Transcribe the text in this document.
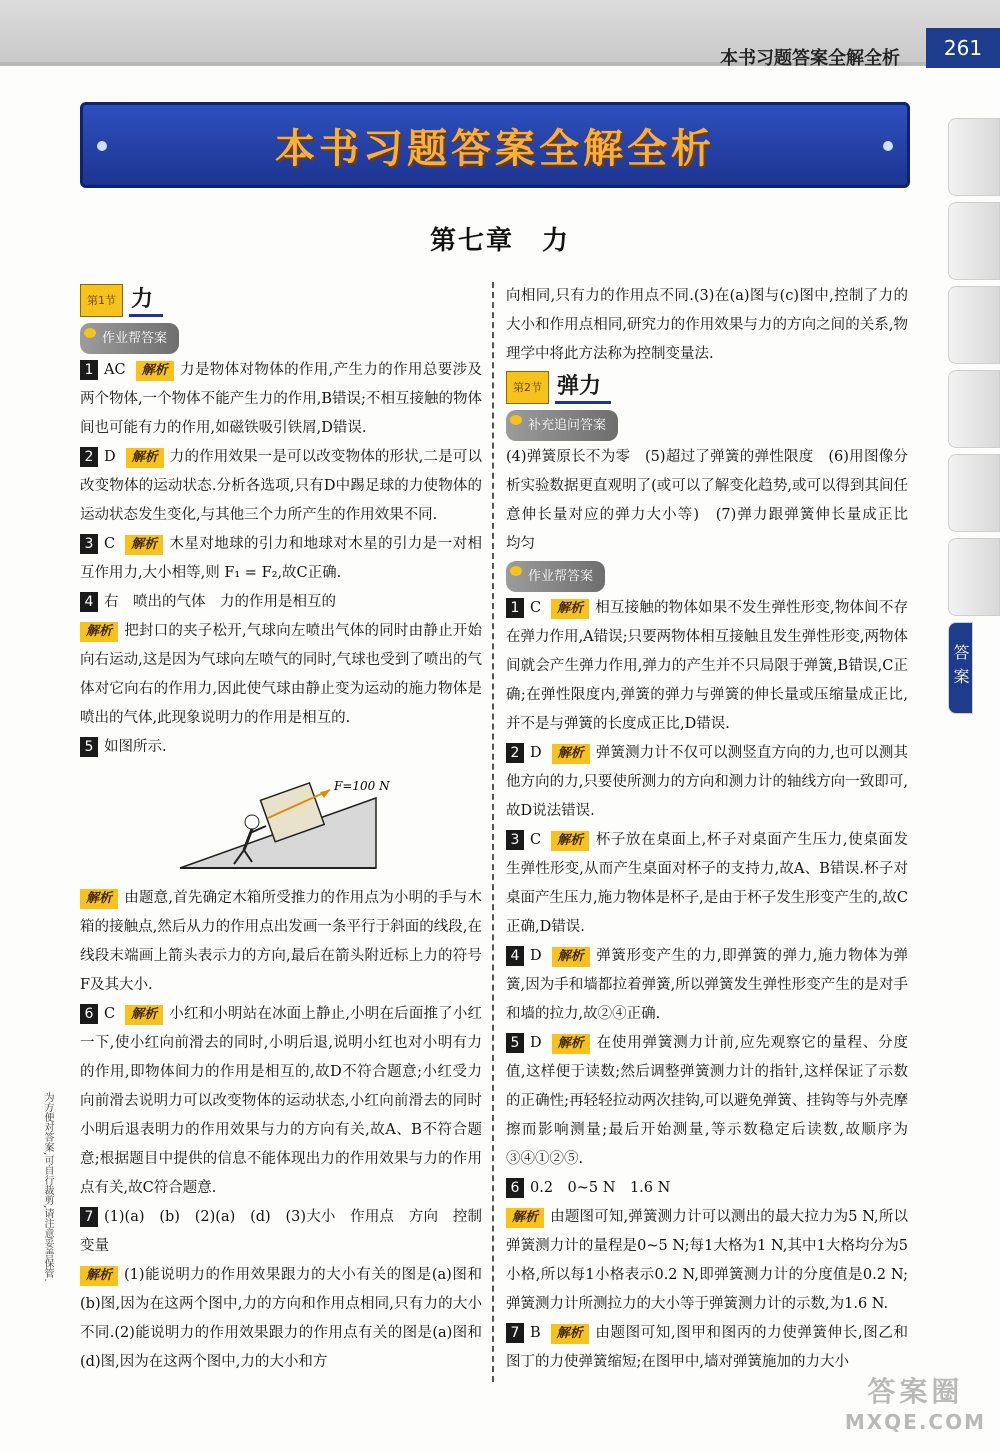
本书习题答案全解全析	261
答案
本书习题答案全解全析
第七章　力
第1节 力
作业帮答案

1 AC 解析 力是物体对物体的作用,产生力的作用总要涉及两个物体,一个物体不能产生力的作用,B错误;不相互接触的物体间也可能有力的作用,如磁铁吸引铁屑,D错误.

2 D 解析 力的作用效果一是可以改变物体的形状,二是可以改变物体的运动状态.分析各选项,只有D中踢足球的力使物体的运动状态发生变化,与其他三个力所产生的作用效果不同.

3 C 解析 木星对地球的引力和地球对木星的引力是一对相互作用力,大小相等,则 F₁ = F₂,故C正确.

4 右　喷出的气体　力的作用是相互的

解析 把封口的夹子松开,气球向左喷出气体的同时由静止开始向右运动,这是因为气球向左喷气的同时,气球也受到了喷出的气体对它向右的作用力,因此使气球由静止变为运动的施力物体是喷出的气体,此现象说明力的作用是相互的.

5 如图所示.

F=100 N

解析 由题意,首先确定木箱所受推力的作用点为小明的手与木箱的接触点,然后从力的作用点出发画一条平行于斜面的线段,在线段末端画上箭头表示力的方向,最后在箭头附近标上力的符号F及其大小.

6 C 解析 小红和小明站在冰面上静止,小明在后面推了小红一下,使小红向前滑去的同时,小明后退,说明小红也对小明有力的作用,即物体间力的作用是相互的,故D不符合题意;小红受力向前滑去说明力可以改变物体的运动状态,小红向前滑去的同时小明后退表明力的作用效果与力的方向有关,故A、B不符合题意;根据题目中提供的信息不能体现出力的作用效果与力的作用点有关,故C符合题意.

7 (1)(a)　(b)　(2)(a)　(d)　(3)大小　作用点　方向　控制变量

解析 (1)能说明力的作用效果跟力的大小有关的图是(a)图和(b)图,因为在这两个图中,力的方向和作用点相同,只有力的大小不同.(2)能说明力的作用效果跟力的作用点有关的图是(a)图和(d)图,因为在这两个图中,力的大小和方

向相同,只有力的作用点不同.(3)在(a)图与(c)图中,控制了力的大小和作用点相同,研究力的作用效果与力的方向之间的关系,物理学中将此方法称为控制变量法.

第2节 弹力
补充追问答案

(4)弹簧原长不为零　(5)超过了弹簧的弹性限度　(6)用图像分析实验数据更直观明了(或可以了解变化趋势,或可以得到其间任意伸长量对应的弹力大小等)　(7)弹力跟弹簧伸长量成正比　均匀

作业帮答案

1 C 解析 相互接触的物体如果不发生弹性形变,物体间不存在弹力作用,A错误;只要两物体相互接触且发生弹性形变,两物体间就会产生弹力作用,弹力的产生并不只局限于弹簧,B错误,C正确;在弹性限度内,弹簧的弹力与弹簧的伸长量或压缩量成正比,并不是与弹簧的长度成正比,D错误.

2 D 解析 弹簧测力计不仅可以测竖直方向的力,也可以测其他方向的力,只要使所测力的方向和测力计的轴线方向一致即可,故D说法错误.

3 C 解析 杯子放在桌面上,杯子对桌面产生压力,使桌面发生弹性形变,从而产生桌面对杯子的支持力,故A、B错误.杯子对桌面产生压力,施力物体是杯子,是由于杯子发生形变产生的,故C正确,D错误.

4 D 解析 弹簧形变产生的力,即弹簧的弹力,施力物体为弹簧,因为手和墙都拉着弹簧,所以弹簧发生弹性形变产生的是对手和墙的拉力,故②④正确.

5 D 解析 在使用弹簧测力计前,应先观察它的量程、分度值,这样便于读数;然后调整弹簧测力计的指针,这样保证了示数的正确性;再轻轻拉动两次挂钩,可以避免弹簧、挂钩等与外壳摩擦而影响测量;最后开始测量,等示数稳定后读数,故顺序为③④①②⑤.

6 0.2　0~5 N　1.6 N

解析 由题图可知,弹簧测力计可以测出的最大拉力为5 N,所以弹簧测力计的量程是0~5 N;每1大格为1 N,其中1大格均分为5小格,所以每1小格表示0.2 N,即弹簧测力计的分度值是0.2 N;弹簧测力计所测拉力的大小等于弹簧测力计的示数,为1.6 N.

7 B 解析 由题图可知,图甲和图丙的力使弹簧伸长,图乙和图丁的力使弹簧缩短;在图甲中,墙对弹簧施加的力大小

为方便对答案,可自行裁剪,请注意妥善保管.
答案圈
MXQE.COM
